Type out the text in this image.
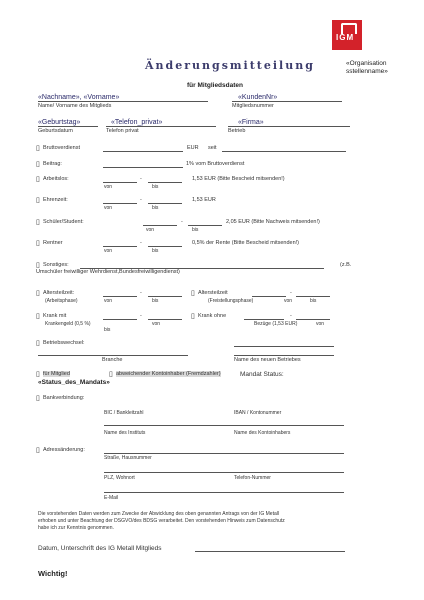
IGM
«Organisation sstellenname»
Änderungsmitteilung
für Mitgliedsdaten
«Nachname», «Vorname»
Name/ Vorname des Mitglieds
«KundenNr»
Mitgliedsnummer
«Geburtstag»
Geburtsdatum
«Telefon_privat»
Telefon privat
«Firma»
Betrieb
▯ Bruttoverdienst	EUR seit
▯ Beitrag:	1% vom Bruttoverdienst
▯ Arbeitslos:	-	1,53 EUR (Bitte Bescheid mitsenden!)
von	bis
▯ Ehrenzeit:	-	1,53 EUR
von	bis
▯ Schüler/Student:	-	2,05 EUR (Bitte Nachweis mitsenden!)
von	bis
▯ Rentner	-	0,5% der Rente (Bitte Bescheid mitsenden!)
von	bis
▯ Sonstiges:	(z.B.
Umschüler freiwilliger Wehrdienst,Bundesfreiwilligendienst)
▯ Altersteilzeit:	-
(Arbeitsphase)	von	bis
▯ Altersteilzeit	-
(Freistellungsphase)	von	bis
▯ Krank mit	-
Krankengeld (0,5 %)	von
bis
▯ Krank ohne	-
Bezüge (1,53 EUR)	von
▯ Betriebswechsel:
Branche	Name des neuen Betriebes
▯ für Mitglied	▯ abweichender Kontoinhaber (Fremdzahler)	Mandat Status:
«Status_des_Mandats»
▯ Bankverbindung:
BIC / Bankleitzahl	IBAN / Kontonummer
Name des Instituts	Name des Kontoinhabers
▯ Adressänderung:
Straße, Hausnummer
PLZ, Wohnort	Telefon-Nummer
E-Mail
Die vorstehenden Daten werden zum Zwecke der Abwicklung des oben genannten Antrags von der IG Metall
erhoben und unter Beachtung der DSGVO/des BDSG verarbeitet. Den vorstehenden Hinweis zum Datenschutz
habe ich zur Kenntnis genommen.
Datum, Unterschrift des IG Metall Mitglieds
Wichtig!
